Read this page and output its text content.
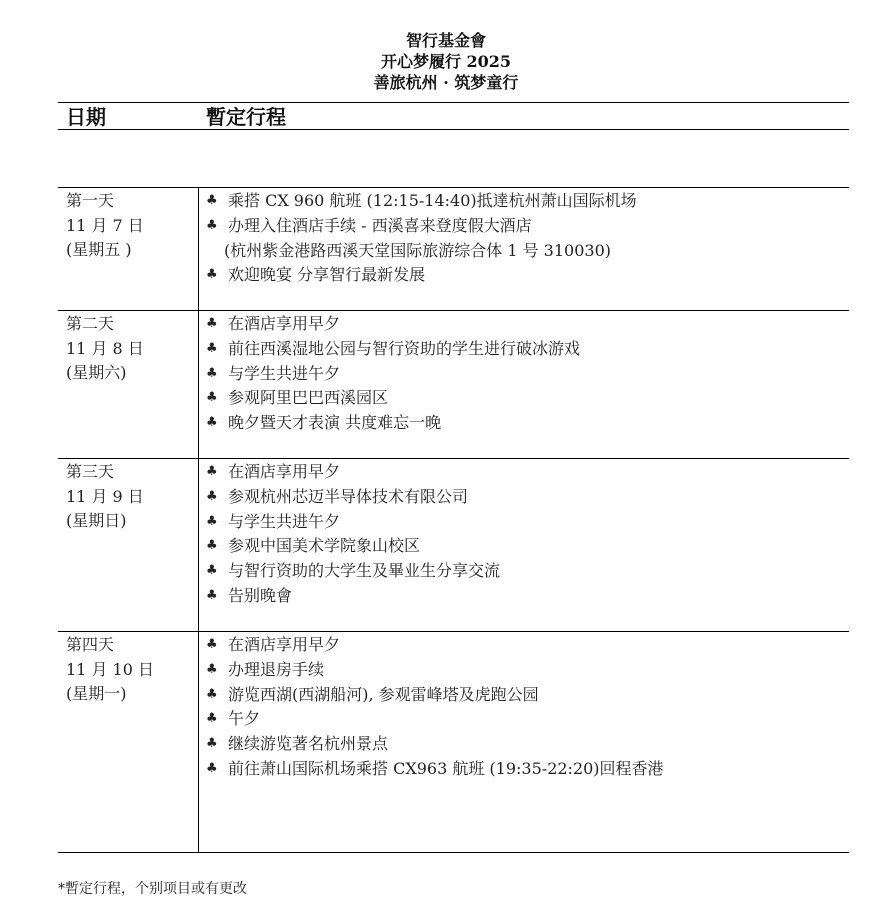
智行基金會
开心梦履行 2025
善旅杭州 · 筑梦童行
日期	暫定行程
第一天
11 月 7 日
(星期五 )
♣ 乘搭 CX 960 航班 (12:15-14:40)抵達杭州萧山国际机场
♣ 办理入住酒店手续 - 西溪喜来登度假大酒店
(杭州紫金港路西溪天堂国际旅游综合体 1 号 310030)
♣ 欢迎晚宴 分享智行最新发展
第二天
11 月 8 日
(星期六)
♣ 在酒店享用早夕
♣ 前往西溪湿地公园与智行资助的学生进行破冰游戏
♣ 与学生共进午夕
♣ 参观阿里巴巴西溪园区
♣ 晚夕暨天才表演 共度难忘一晚
第三天
11 月 9 日
(星期日)
♣ 在酒店享用早夕
♣ 参观杭州芯迈半导体技术有限公司
♣ 与学生共进午夕
♣ 参观中国美术学院象山校区
♣ 与智行资助的大学生及畢业生分享交流
♣ 告别晚會
第四天
11 月 10 日
(星期一)
♣ 在酒店享用早夕
♣ 办理退房手续
♣ 游览西湖(西湖船河), 参观雷峰塔及虎跑公园
♣ 午夕
♣ 继续游览著名杭州景点
♣ 前往萧山国际机场乘搭 CX963 航班 (19:35-22:20)回程香港
*暫定行程，个别项目或有更改
